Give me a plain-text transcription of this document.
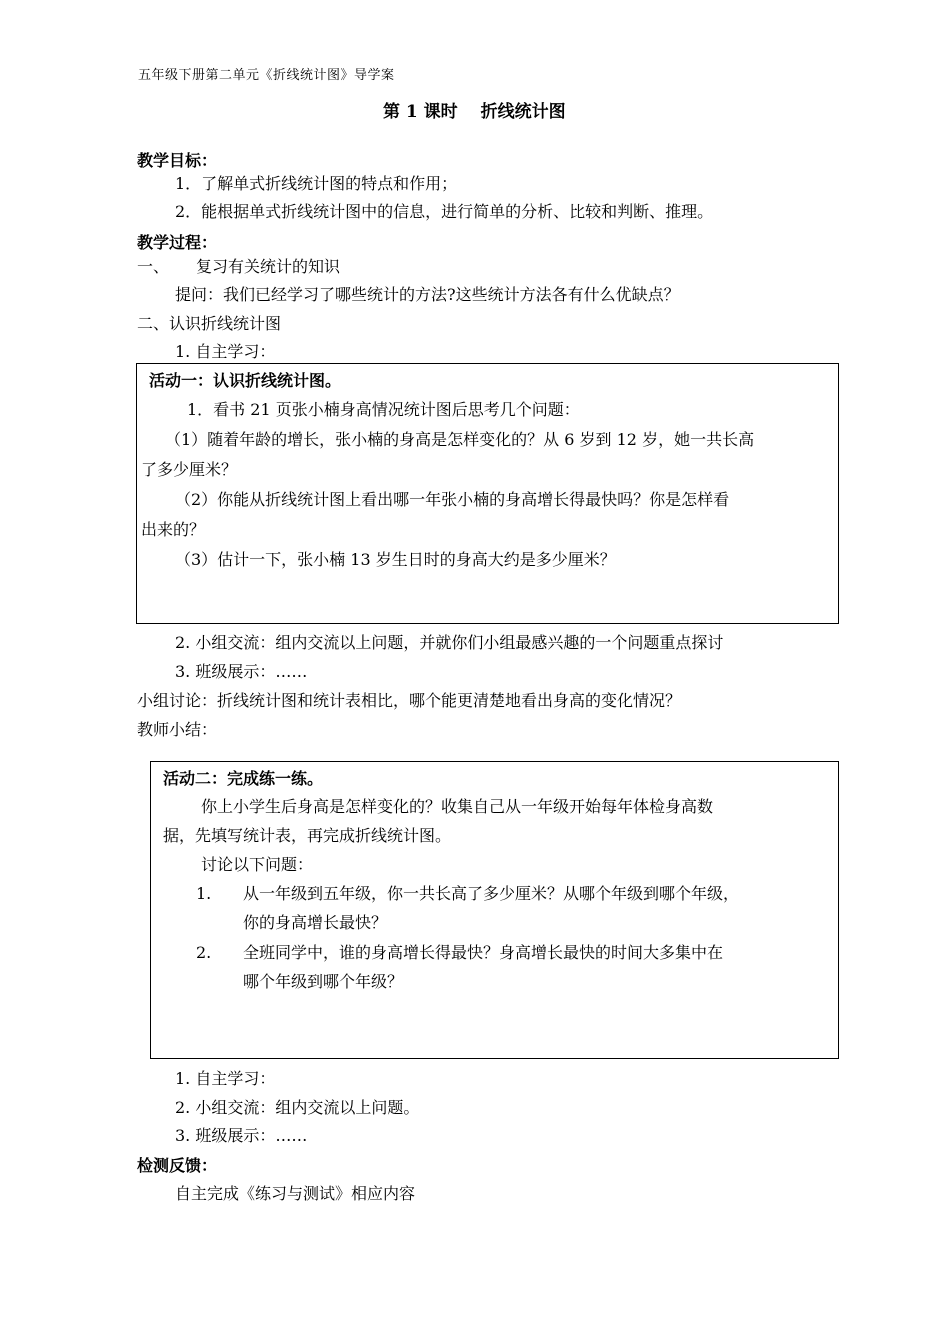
五年级下册第二单元《折线统计图》导学案
第 1 课时　 折线统计图
教学目标：
1．了解单式折线统计图的特点和作用；
2．能根据单式折线统计图中的信息，进行简单的分析、比较和判断、推理。
教学过程：
一、 复习有关统计的知识
提问：我们已经学习了哪些统计的方法?这些统计方法各有什么优缺点？
二、认识折线统计图
1. 自主学习：
活动一：认识折线统计图。
1．看书 21 页张小楠身高情况统计图后思考几个问题：
（1）随着年龄的增长，张小楠的身高是怎样变化的？从 6 岁到 12 岁，她一共长高
了多少厘米？
（2）你能从折线统计图上看出哪一年张小楠的身高增长得最快吗？你是怎样看
出来的？
（3）估计一下，张小楠 13 岁生日时的身高大约是多少厘米？
2. 小组交流：组内交流以上问题，并就你们小组最感兴趣的一个问题重点探讨
3. 班级展示：……
小组讨论：折线统计图和统计表相比，哪个能更清楚地看出身高的变化情况？
教师小结：
活动二：完成练一练。
你上小学生后身高是怎样变化的？收集自己从一年级开始每年体检身高数
据，先填写统计表，再完成折线统计图。
讨论以下问题：
1. 从一年级到五年级，你一共长高了多少厘米？从哪个年级到哪个年级，
你的身高增长最快？
2. 全班同学中，谁的身高增长得最快？身高增长最快的时间大多集中在
哪个年级到哪个年级？
1. 自主学习：
2. 小组交流：组内交流以上问题。
3. 班级展示：……
检测反馈：
自主完成《练习与测试》相应内容
